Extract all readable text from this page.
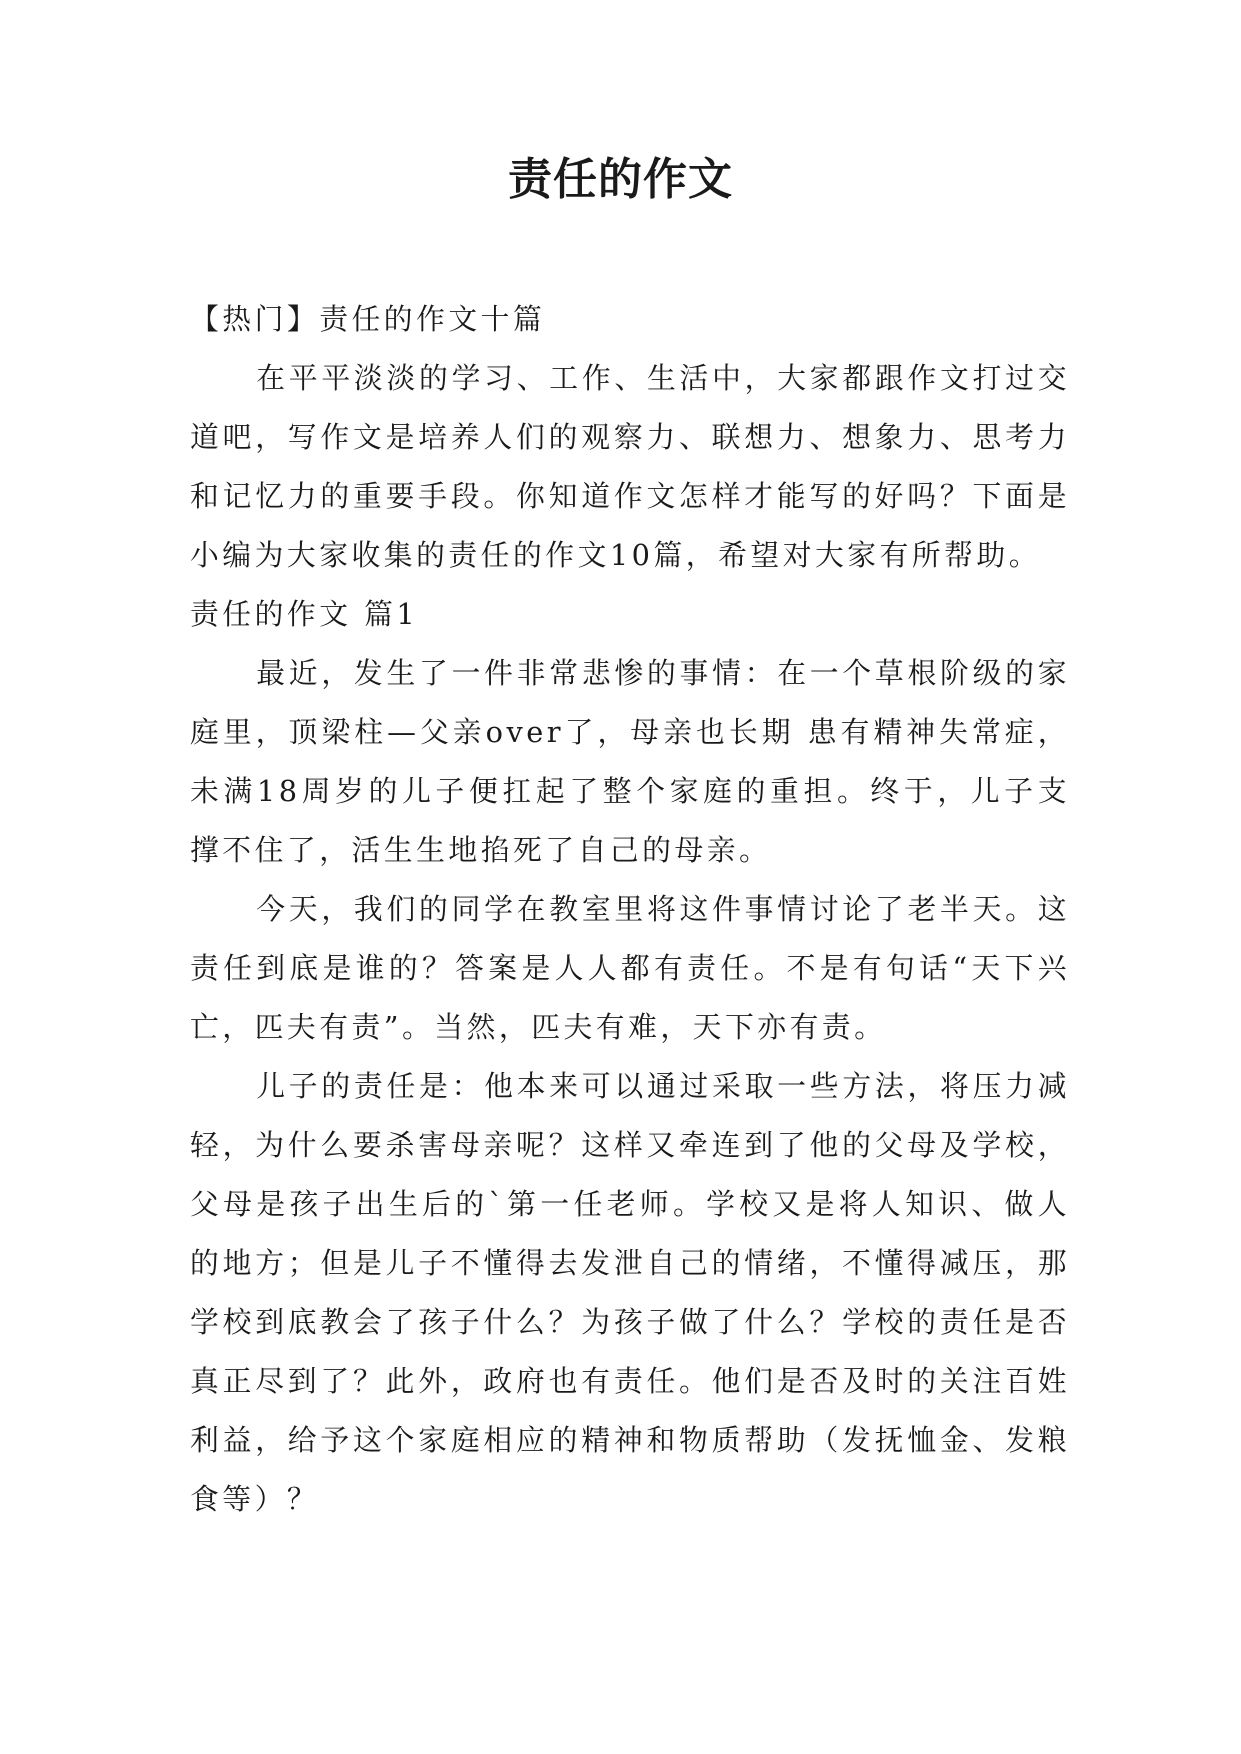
责任的作文

【热门】责任的作文十篇

在平平淡淡的学习、工作、生活中，大家都跟作文打过交道吧，写作文是培养人们的观察力、联想力、想象力、思考力和记忆力的重要手段。你知道作文怎样才能写的好吗？下面是小编为大家收集的责任的作文10篇，希望对大家有所帮助。

责任的作文 篇1

最近，发生了一件非常悲惨的事情：在一个草根阶级的家庭里，顶梁柱—父亲over了，母亲也长期 患有精神失常症，未满18周岁的儿子便扛起了整个家庭的重担。终于，儿子支撑不住了，活生生地掐死了自己的母亲。

今天，我们的同学在教室里将这件事情讨论了老半天。这责任到底是谁的？答案是人人都有责任。不是有句话“天下兴亡，匹夫有责”。当然，匹夫有难，天下亦有责。

儿子的责任是：他本来可以通过采取一些方法，将压力减轻，为什么要杀害母亲呢？这样又牵连到了他的父母及学校，父母是孩子出生后的`第一任老师。学校又是将人知识、做人的地方；但是儿子不懂得去发泄自己的情绪，不懂得减压，那学校到底教会了孩子什么？为孩子做了什么？学校的责任是否真正尽到了？此外，政府也有责任。他们是否及时的关注百姓利益，给予这个家庭相应的精神和物质帮助（发抚恤金、发粮食等）？
